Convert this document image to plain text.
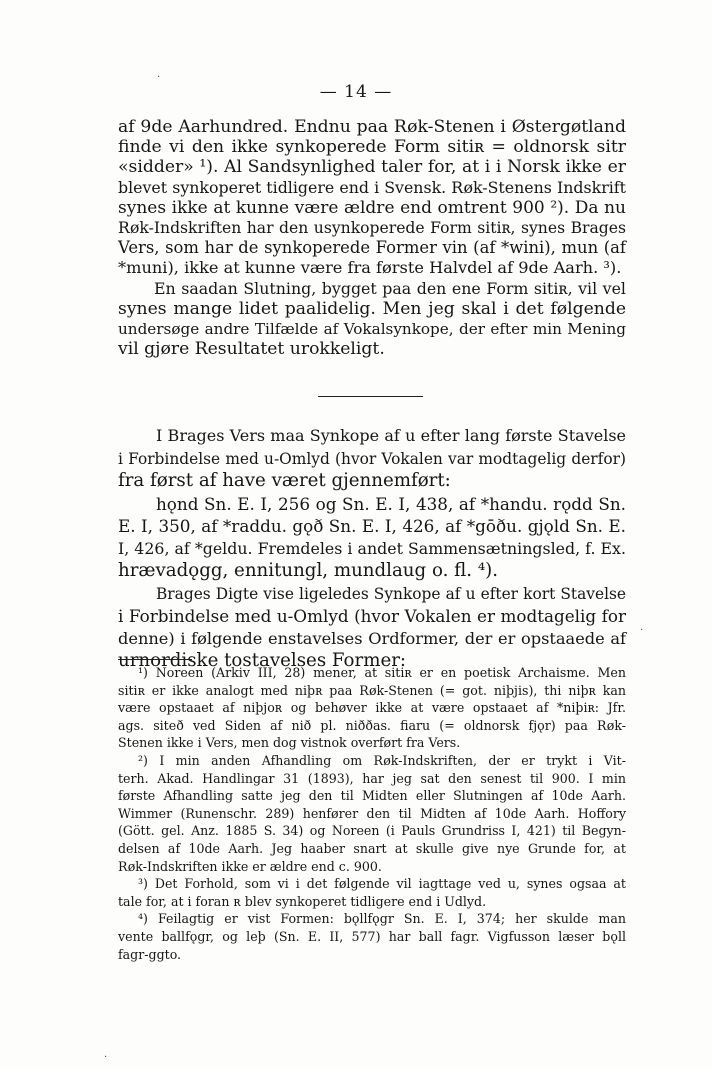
·
— 14 —
af 9de Aarhundred. Endnu paa Røk-Stenen i Østergøtland
finde vi den ikke synkoperede Form sitiʀ = oldnorsk sitr
«sidder» ¹). Al Sandsynlighed taler for, at i i Norsk ikke er
blevet synkoperet tidligere end i Svensk. Røk-Stenens Indskrift
synes ikke at kunne være ældre end omtrent 900 ²). Da nu
Røk-Indskriften har den usynkoperede Form sitiʀ, synes Brages
Vers, som har de synkoperede Former vin (af *wini), mun (af
*muni), ikke at kunne være fra første Halvdel af 9de Aarh. ³).
En saadan Slutning, bygget paa den ene Form sitiʀ, vil vel
synes mange lidet paalidelig. Men jeg skal i det følgende
undersøge andre Tilfælde af Vokalsynkope, der efter min Mening
vil gjøre Resultatet urokkeligt.
I Brages Vers maa Synkope af u efter lang første Stavelse
i Forbindelse med u-Omlyd (hvor Vokalen var modtagelig derfor)
fra først af have været gjennemført:
hǫnd Sn. E. I, 256 og Sn. E. I, 438, af *handu. rǫdd Sn.
E. I, 350, af *raddu. gǫð Sn. E. I, 426, af *gōðu. gjǫld Sn. E.
I, 426, af *geldu. Fremdeles i andet Sammensætningsled, f. Ex.
hrævadǫgg, ennitungl, mundlaug o. fl. ⁴).
Brages Digte vise ligeledes Synkope af u efter kort Stavelse
i Forbindelse med u-Omlyd (hvor Vokalen er modtagelig for
denne) i følgende enstavelses Ordformer, der er opstaaede af
urnordiske tostavelses Former:
.
¹) Noreen (Arkiv III, 28) mener, at sitiʀ er en poetisk Archaisme. Men
sitiʀ er ikke analogt med niþʀ paa Røk-Stenen (= got. niþjis), thi niþʀ kan
være opstaaet af niþjoʀ og behøver ikke at være opstaaet af *niþiʀ: Jfr.
ags. siteð ved Siden af nið pl. niððas. fiaru (= oldnorsk fjǫr) paa Røk-
Stenen ikke i Vers, men dog vistnok overført fra Vers.
²) I min anden Afhandling om Røk-Indskriften, der er trykt i Vit-
terh. Akad. Handlingar 31 (1893), har jeg sat den senest til 900. I min
første Afhandling satte jeg den til Midten eller Slutningen af 10de Aarh.
Wimmer (Runenschr. 289) henfører den til Midten af 10de Aarh. Hoffory
(Gött. gel. Anz. 1885 S. 34) og Noreen (i Pauls Grundriss I, 421) til Begyn-
delsen af 10de Aarh. Jeg haaber snart at skulle give nye Grunde for, at
Røk-Indskriften ikke er ældre end c. 900.
³) Det Forhold, som vi i det følgende vil iagttage ved u, synes ogsaa at
tale for, at i foran ʀ blev synkoperet tidligere end i Udlyd.
⁴) Feilagtig er vist Formen: bǫllfǫgr Sn. E. I, 374; her skulde man
vente ballfǫgr, og leþ (Sn. E. II, 577) har ball fagr. Vigfusson læser bǫll
fagr-ggto.
·
